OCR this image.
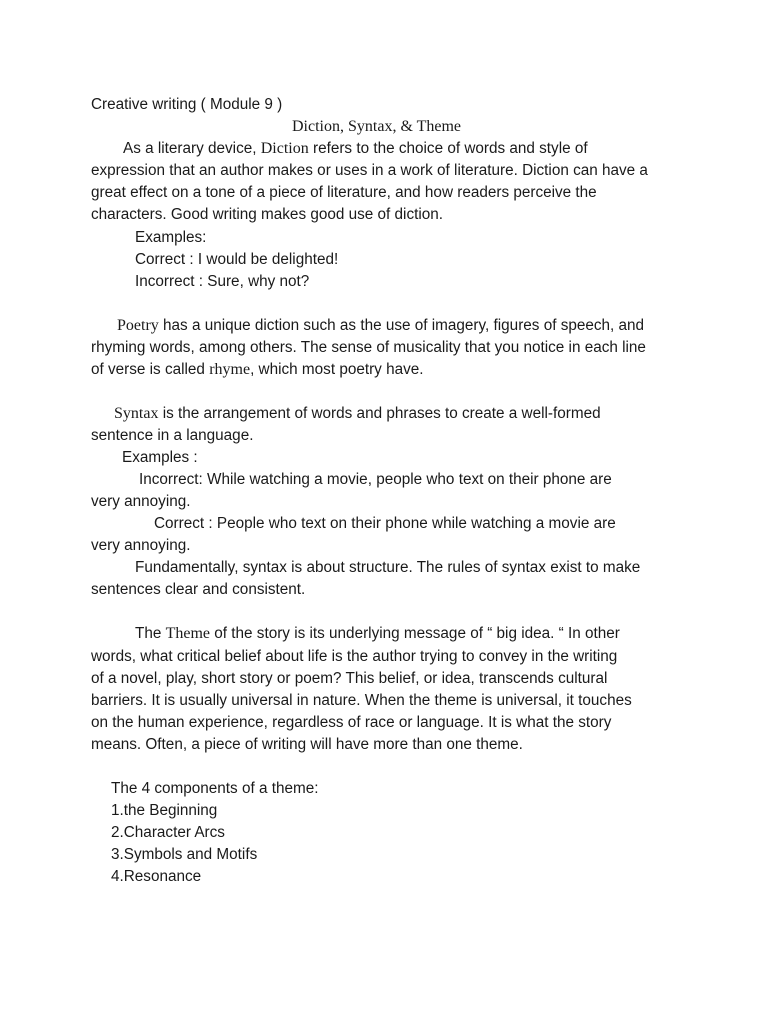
Creative writing ( Module 9 )
Diction, Syntax, & Theme
As a literary device, Diction refers to the choice of words and style of
expression that an author makes or uses in a work of literature. Diction can have a
great effect on a tone of a piece of literature, and how readers perceive the
characters. Good writing makes good use of diction.
Examples:
Correct : I would be delighted!
Incorrect : Sure, why not?
Poetry has a unique diction such as the use of imagery, figures of speech, and
rhyming words, among others. The sense of musicality that you notice in each line
of verse is called rhyme, which most poetry have.
Syntax is the arrangement of words and phrases to create a well-formed
sentence in a language.
Examples :
Incorrect: While watching a movie, people who text on their phone are
very annoying.
Correct : People who text on their phone while watching a movie are
very annoying.
Fundamentally, syntax is about structure. The rules of syntax exist to make
sentences clear and consistent.
The Theme of the story is its underlying message of “ big idea. “ In other
words, what critical belief about life is the author trying to convey in the writing
of a novel, play, short story or poem? This belief, or idea, transcends cultural
barriers. It is usually universal in nature. When the theme is universal, it touches
on the human experience, regardless of race or language. It is what the story
means. Often, a piece of writing will have more than one theme.
The 4 components of a theme:
1.the Beginning
2.Character Arcs
3.Symbols and Motifs
4.Resonance
